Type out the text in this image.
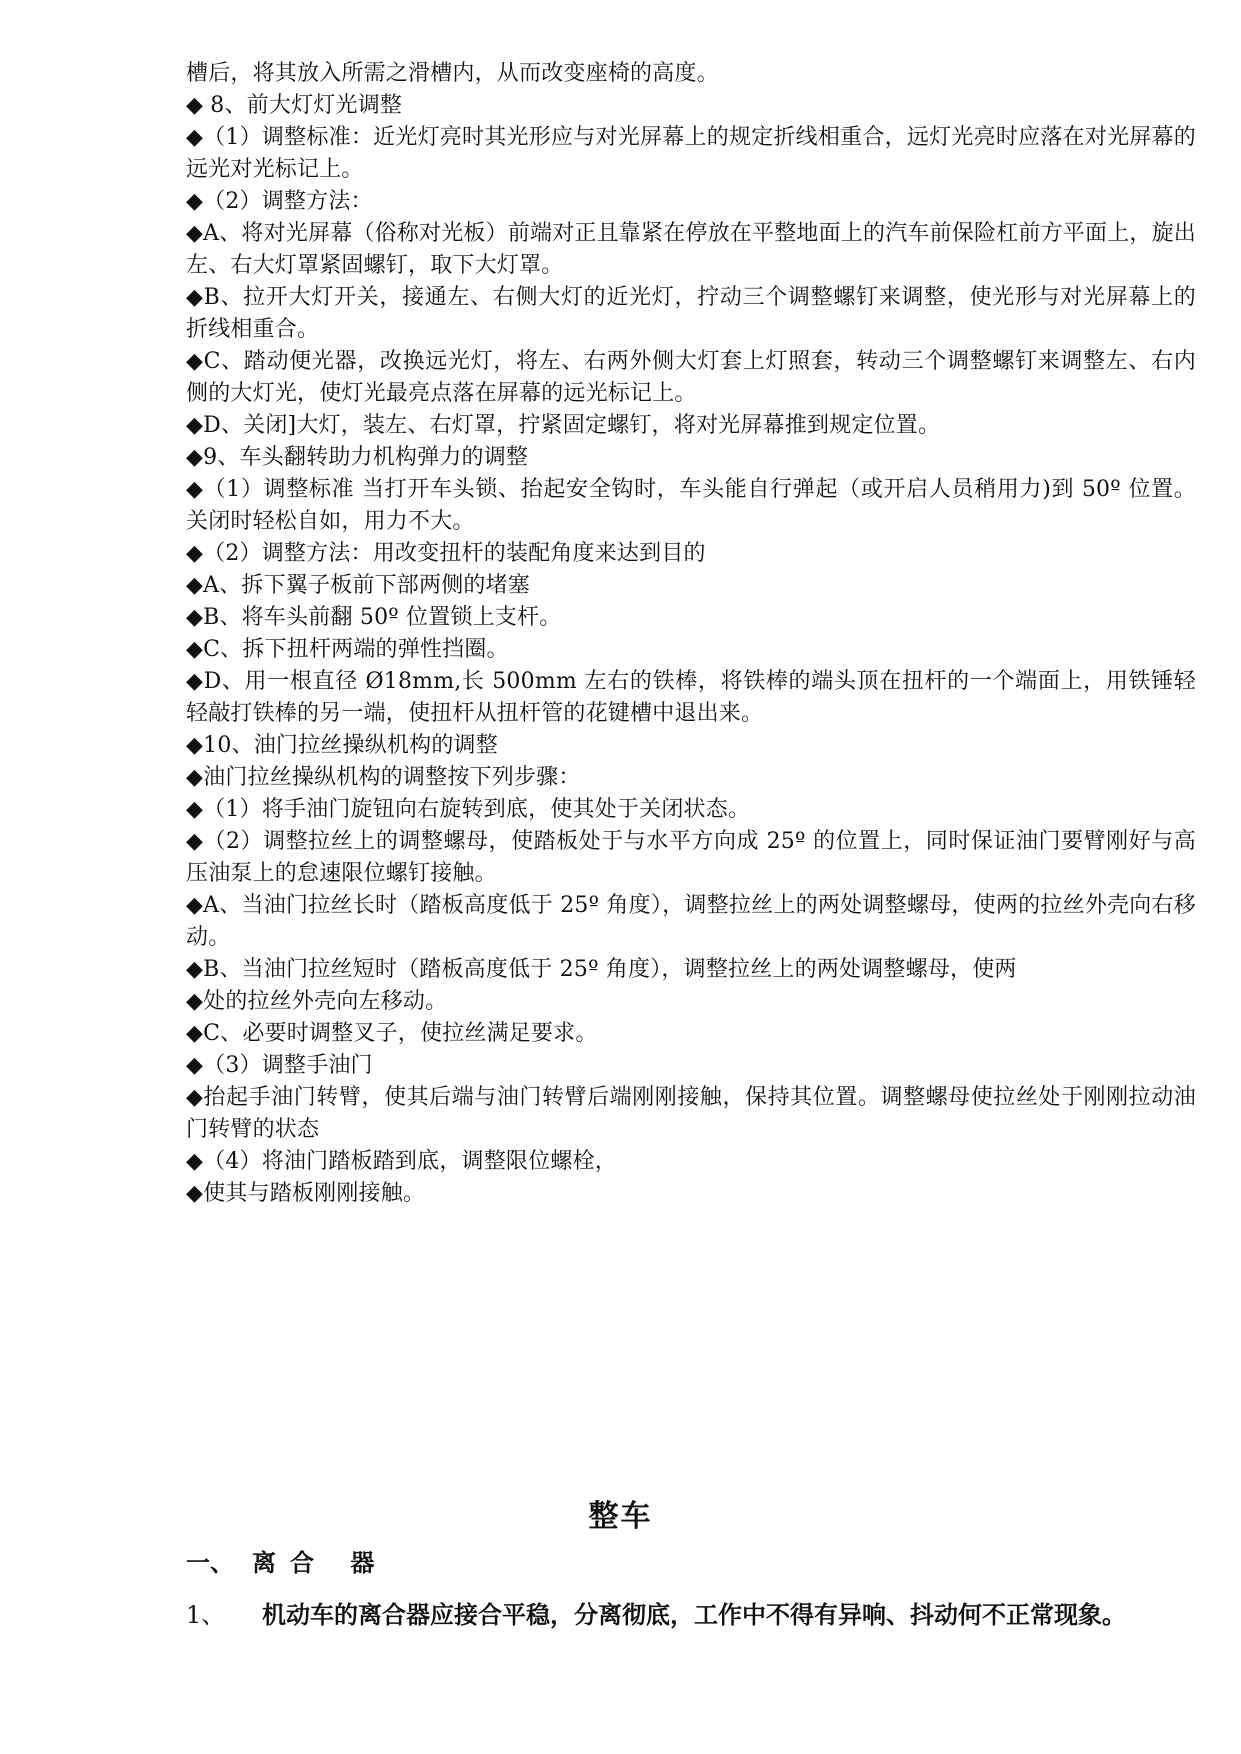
槽后，将其放入所需之滑槽内，从而改变座椅的高度。

◆ 8、前大灯灯光调整

◆（1）调整标准：近光灯亮时其光形应与对光屏幕上的规定折线相重合，远灯光亮时应落在对光屏幕的远光对光标记上。

◆（2）调整方法：

◆A、将对光屏幕（俗称对光板）前端对正且靠紧在停放在平整地面上的汽车前保险杠前方平面上，旋出左、右大灯罩紧固螺钉，取下大灯罩。

◆B、拉开大灯开关，接通左、右侧大灯的近光灯，拧动三个调整螺钉来调整，使光形与对光屏幕上的折线相重合。

◆C、踏动便光器，改换远光灯，将左、右两外侧大灯套上灯照套，转动三个调整螺钉来调整左、右内侧的大灯光，使灯光最亮点落在屏幕的远光标记上。

◆D、关闭]大灯，装左、右灯罩，拧紧固定螺钉，将对光屏幕推到规定位置。

◆9、车头翻转助力机构弹力的调整

◆（1）调整标准 当打开车头锁、抬起安全钩时，车头能自行弹起（或开启人员稍用力)到 50º 位置。关闭时轻松自如，用力不大。

◆（2）调整方法：用改变扭杆的装配角度来达到目的

◆A、拆下翼子板前下部两侧的堵塞

◆B、将车头前翻 50º 位置锁上支杆。

◆C、拆下扭杆两端的弹性挡圈。

◆D、用一根直径 Ø18mm,长 500mm 左右的铁棒，将铁棒的端头顶在扭杆的一个端面上，用铁锤轻轻敲打铁棒的另一端，使扭杆从扭杆管的花键槽中退出来。

◆10、油门拉丝操纵机构的调整

◆油门拉丝操纵机构的调整按下列步骤：

◆（1）将手油门旋钮向右旋转到底，使其处于关闭状态。

◆（2）调整拉丝上的调整螺母，使踏板处于与水平方向成 25º 的位置上，同时保证油门要臂刚好与高压油泵上的怠速限位螺钉接触。

◆A、当油门拉丝长时（踏板高度低于 25º 角度），调整拉丝上的两处调整螺母，使两的拉丝外壳向右移动。

◆B、当油门拉丝短时（踏板高度低于 25º 角度），调整拉丝上的两处调整螺母，使两

◆处的拉丝外壳向左移动。

◆C、必要时调整叉子，使拉丝满足要求。

◆（3）调整手油门

◆抬起手油门转臂，使其后端与油门转臂后端刚刚接触，保持其位置。调整螺母使拉丝处于刚刚拉动油门转臂的状态

◆（4）将油门踏板踏到底，调整限位螺栓，

◆使其与踏板刚刚接触。

整车
一、 离合 器
1、 机动车的离合器应接合平稳，分离彻底，工作中不得有异响、抖动何不正常现象。
